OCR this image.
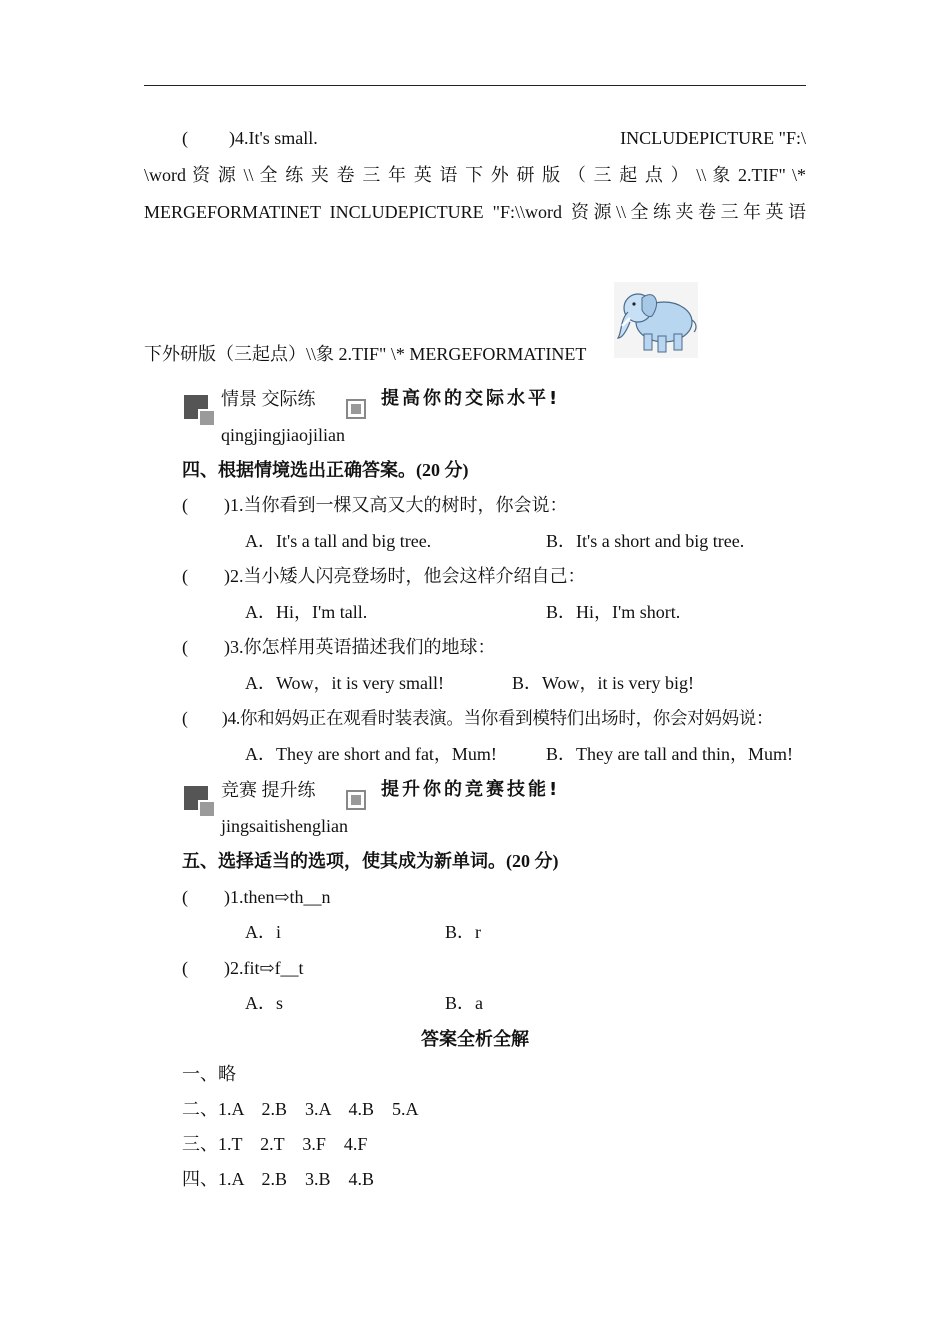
( )4.It's small.	INCLUDEPICTURE "F:\
\word 资 源 \\ 全 练 夹 卷 三 年 英 语 下 外 研 版 （ 三 起 点 ） \\ 象 2.TIF" \*
MERGEFORMATINET INCLUDEPICTURE "F:\\word 资源\\全练夹卷三年英语
下外研版（三起点）\\象 2.TIF" \* MERGEFORMATINET
情景 交际练
qingjingjiaojilian
提高你的交际水平!
四、根据情境选出正确答案。(20 分)
(　　)1.当你看到一棵又高又大的树时，你会说：
A．It's a tall and big tree.	B．It's a short and big tree.
(　　)2.当小矮人闪亮登场时，他会这样介绍自己：
A．Hi，I'm tall.	B．Hi，I'm short.
(　　)3.你怎样用英语描述我们的地球：
A．Wow，it is very small!	B．Wow，it is very big!
(　　)4.你和妈妈正在观看时装表演。当你看到模特们出场时，你会对妈妈说：
A．They are short and fat，Mum!	B．They are tall and thin，Mum!
竞赛 提升练
jingsaitishenglian
提升你的竞赛技能!
五、选择适当的选项，使其成为新单词。(20 分)
(　　)1.then⇨th__n
A．i	B．r
(　　)2.fit⇨f__t
A．s	B．a
答案全析全解
一、略
二、1.A　2.B　3.A　4.B　5.A
三、1.T　2.T　3.F　4.F
四、1.A　2.B　3.B　4.B
